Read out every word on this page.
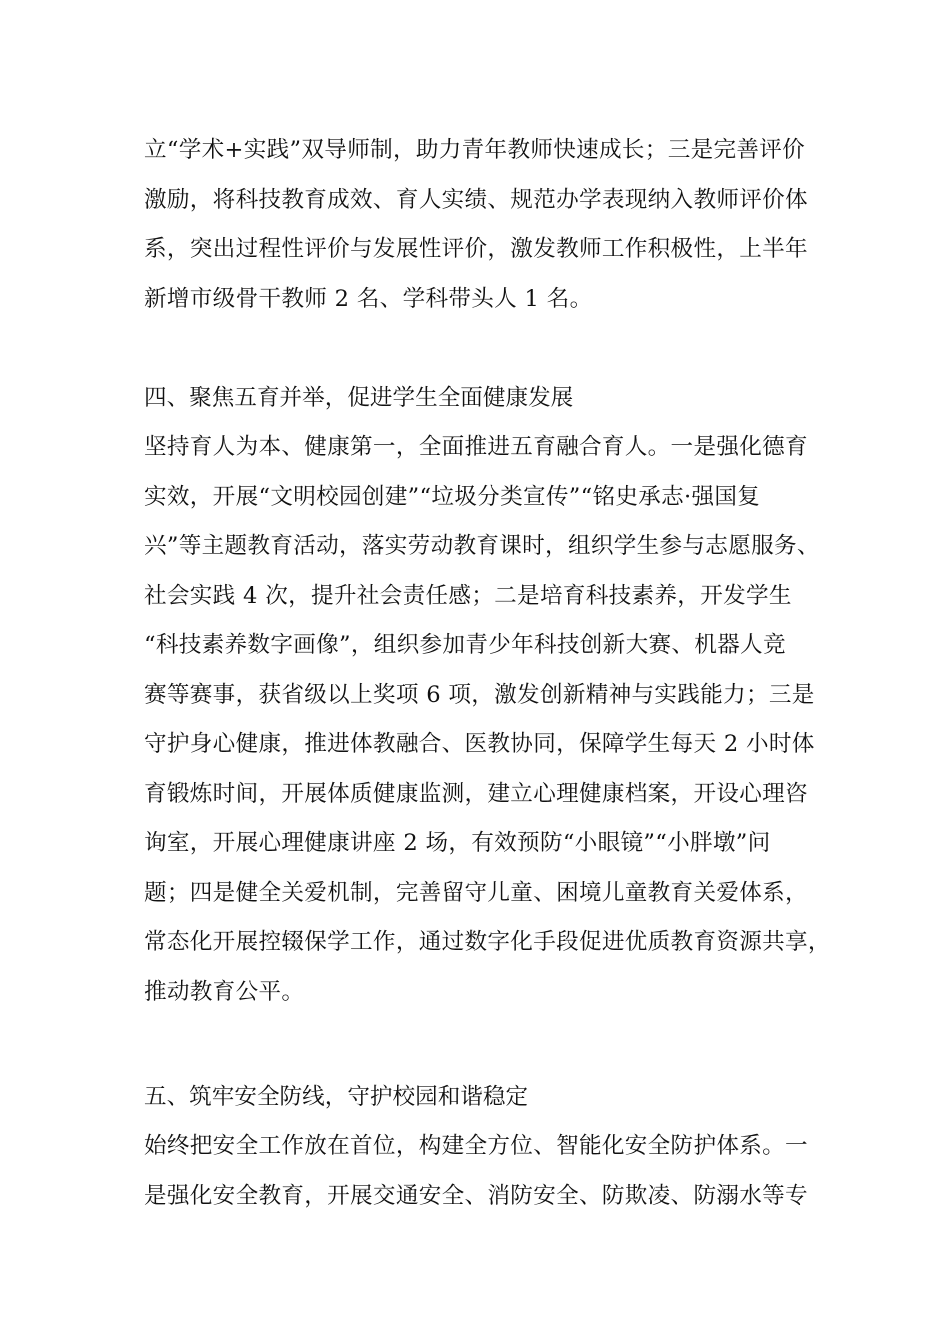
立“学术+实践”双导师制，助力青年教师快速成长；三是完善评价
激励，将科技教育成效、育人实绩、规范办学表现纳入教师评价体
系，突出过程性评价与发展性评价，激发教师工作积极性，上半年
新增市级骨干教师 2 名、学科带头人 1 名。
四、聚焦五育并举，促进学生全面健康发展
坚持育人为本、健康第一，全面推进五育融合育人。一是强化德育
实效，开展“文明校园创建”“垃圾分类宣传”“铭史承志·强国复
兴”等主题教育活动，落实劳动教育课时，组织学生参与志愿服务、
社会实践 4 次，提升社会责任感；二是培育科技素养，开发学生
“科技素养数字画像”，组织参加青少年科技创新大赛、机器人竞
赛等赛事，获省级以上奖项 6 项，激发创新精神与实践能力；三是
守护身心健康，推进体教融合、医教协同，保障学生每天 2 小时体
育锻炼时间，开展体质健康监测，建立心理健康档案，开设心理咨
询室，开展心理健康讲座 2 场，有效预防“小眼镜”“小胖墩”问
题；四是健全关爱机制，完善留守儿童、困境儿童教育关爱体系，
常态化开展控辍保学工作，通过数字化手段促进优质教育资源共享，
推动教育公平。
五、筑牢安全防线，守护校园和谐稳定
始终把安全工作放在首位，构建全方位、智能化安全防护体系。一
是强化安全教育，开展交通安全、消防安全、防欺凌、防溺水等专
